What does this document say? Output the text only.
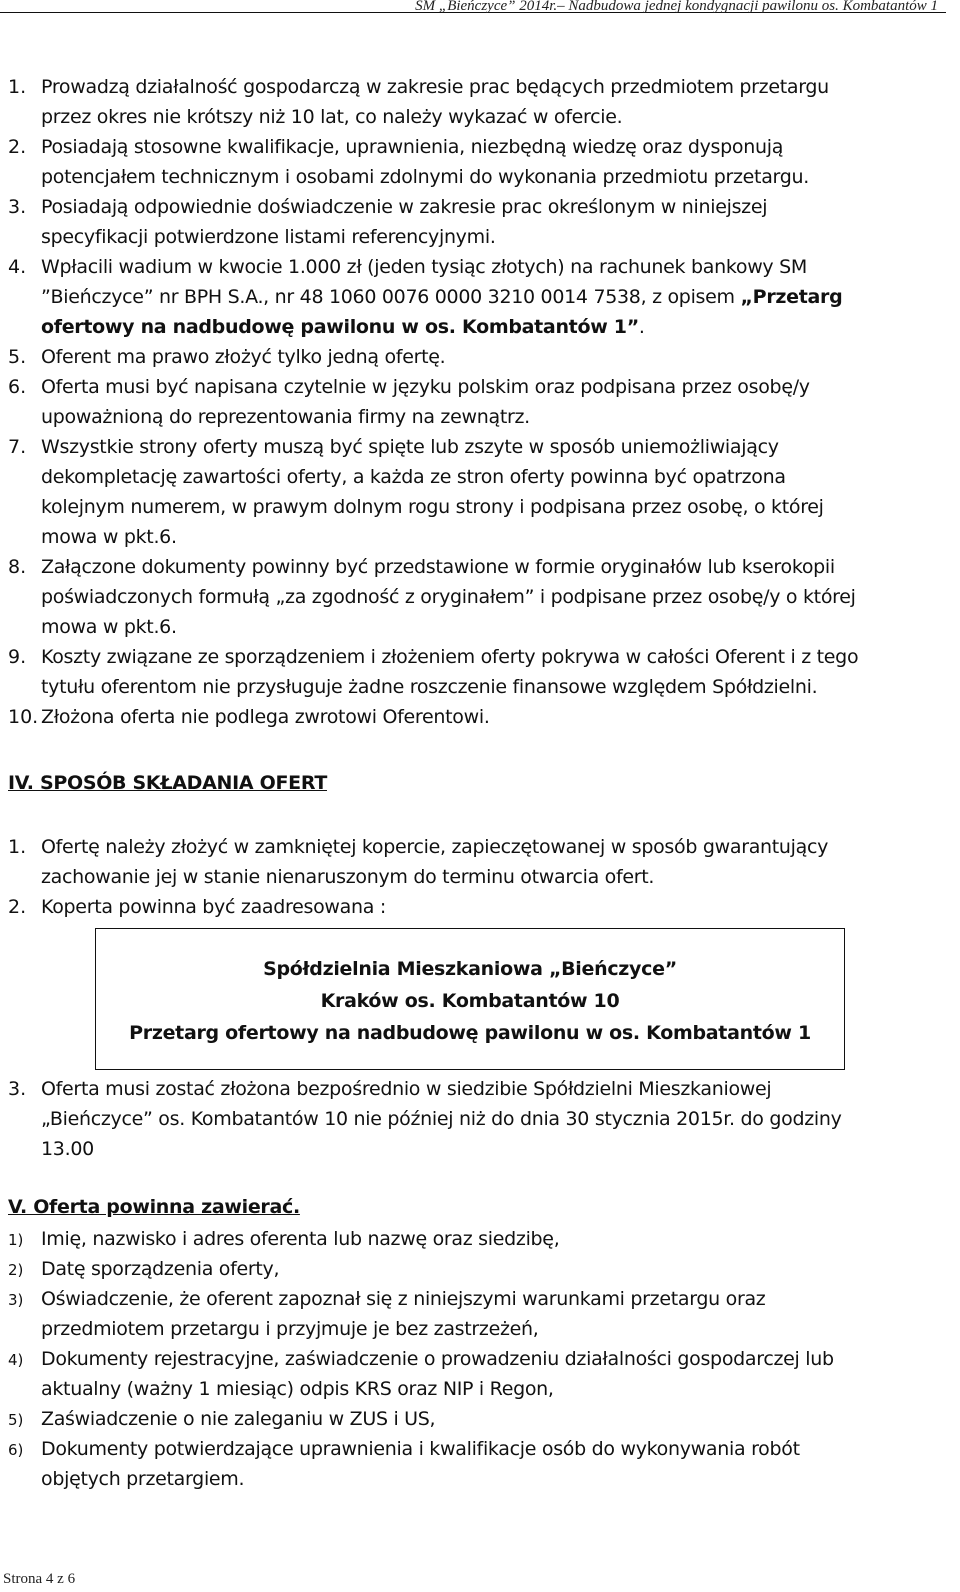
SM „Bieńczyce” 2014r.– Nadbudowa jednej kondygnacji pawilonu os. Kombatantów 1
1. Prowadzą działalność gospodarczą w zakresie prac będących przedmiotem przetargu
przez okres nie krótszy niż 10 lat, co należy wykazać w ofercie.
2. Posiadają stosowne kwalifikacje, uprawnienia, niezbędną wiedzę oraz dysponują
potencjałem technicznym i osobami zdolnymi do wykonania przedmiotu przetargu.
3. Posiadają odpowiednie doświadczenie w zakresie prac określonym w niniejszej
specyfikacji potwierdzone listami referencyjnymi.
4. Wpłacili wadium w kwocie 1.000 zł (jeden tysiąc złotych) na rachunek bankowy SM
”Bieńczyce” nr BPH S.A., nr 48 1060 0076 0000 3210 0014 7538, z opisem „Przetarg
ofertowy na nadbudowę pawilonu w os. Kombatantów 1”.
5. Oferent ma prawo złożyć tylko jedną ofertę.
6. Oferta musi być napisana czytelnie w języku polskim oraz podpisana przez osobę/y
upoważnioną do reprezentowania firmy na zewnątrz.
7. Wszystkie strony oferty muszą być spięte lub zszyte w sposób uniemożliwiający
dekompletację zawartości oferty, a każda ze stron oferty powinna być opatrzona
kolejnym numerem, w prawym dolnym rogu strony i podpisana przez osobę, o której
mowa w pkt.6.
8. Załączone dokumenty powinny być przedstawione w formie oryginałów lub kserokopii
poświadczonych formułą „za zgodność z oryginałem” i podpisane przez osobę/y o której
mowa w pkt.6.
9. Koszty związane ze sporządzeniem i złożeniem oferty pokrywa w całości Oferent i z tego
tytułu oferentom nie przysługuje żadne roszczenie finansowe względem Spółdzielni.
10. Złożona oferta nie podlega zwrotowi Oferentowi.
IV. SPOSÓB SKŁADANIA OFERT
1. Ofertę należy złożyć w zamkniętej kopercie, zapieczętowanej w sposób gwarantujący
zachowanie jej w stanie nienaruszonym do terminu otwarcia ofert.
2. Koperta powinna być zaadresowana :
Spółdzielnia Mieszkaniowa „Bieńczyce”
Kraków os. Kombatantów 10
Przetarg ofertowy na nadbudowę pawilonu w os. Kombatantów 1
3. Oferta musi zostać złożona bezpośrednio w siedzibie Spółdzielni Mieszkaniowej
„Bieńczyce” os. Kombatantów 10 nie później niż do dnia 30 stycznia 2015r. do godziny
13.00
V. Oferta powinna zawierać.
1) Imię, nazwisko i adres oferenta lub nazwę oraz siedzibę,
2) Datę sporządzenia oferty,
3) Oświadczenie, że oferent zapoznał się z niniejszymi warunkami przetargu oraz
przedmiotem przetargu i przyjmuje je bez zastrzeżeń,
4) Dokumenty rejestracyjne, zaświadczenie o prowadzeniu działalności gospodarczej lub
aktualny (ważny 1 miesiąc) odpis KRS oraz NIP i Regon,
5) Zaświadczenie o nie zaleganiu w ZUS i US,
6) Dokumenty potwierdzające uprawnienia i kwalifikacje osób do wykonywania robót
objętych przetargiem.
Strona 4 z 6
